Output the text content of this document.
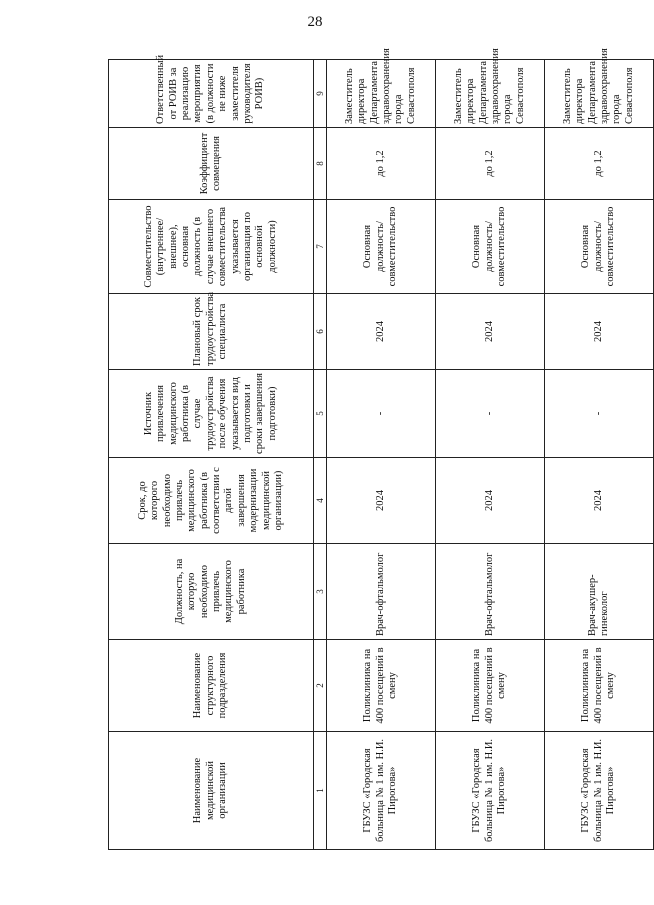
28
Наименование медицинской организации	Наименование структурного подразделения	Должность, на которую необходимо привлечь медицинского работника	Срок, до которого необходимо привлечь медицинского работника (в соответствии с датой завершения модернизации медицинской организации)	Источник привлечения медицинского работника (в случае трудоустройства после обучения указывается вид подготовки и сроки завершения подготовки)	Плановый срок трудоустройства специалиста	Совместительство (внутреннее/внешнее), основная должность (в случае внешнего совместительства указывается организация по основной должности)	Коэффициент совмещения	Ответственный от РОИВ за реализацию мероприятия (в должности не ниже заместителя руководителя РОИВ)
1	2	3	4	5	6	7	8	9
ГБУЗС «Городская больница № 1 им. Н.И. Пирогова»	Поликлиника на 400 посещений в смену	Врач-офтальмолог	2024	-	2024	Основная должность/ совместительство	до 1,2	Заместитель директора Департамента здравоохранения города Севастополя
ГБУЗС «Городская больница № 1 им. Н.И. Пирогова»	Поликлиника на 400 посещений в смену	Врач-офтальмолог	2024	-	2024	Основная должность/ совместительство	до 1,2	Заместитель директора Департамента здравоохранения города Севастополя
ГБУЗС «Городская больница № 1 им. Н.И. Пирогова»	Поликлиника на 400 посещений в смену	Врач-акушер-гинеколог	2024	-	2024	Основная должность/ совместительство	до 1,2	Заместитель директора Департамента здравоохранения города Севастополя
